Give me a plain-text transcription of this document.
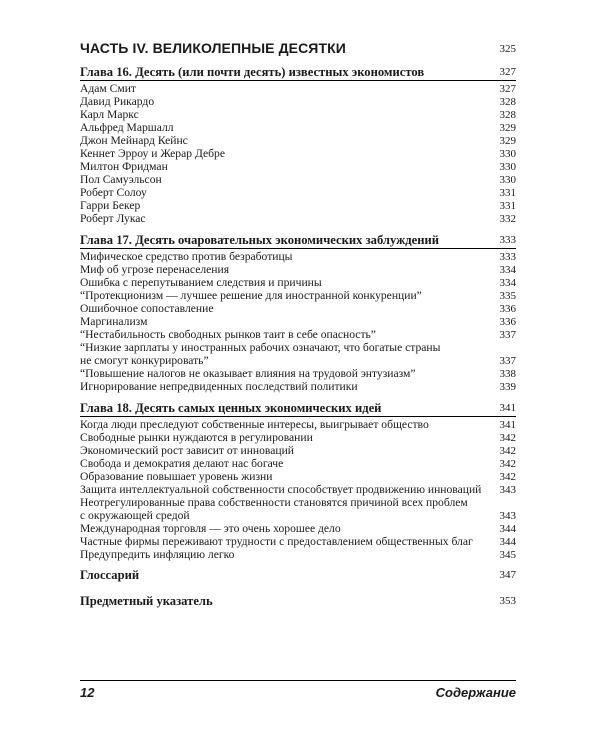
ЧАСТЬ IV. ВЕЛИКОЛЕПНЫЕ ДЕСЯТКИ	325
Глава 16. Десять (или почти десять) известных экономистов	327
Адам Смит	327
Давид Рикардо	328
Карл Маркс	328
Альфред Маршалл	329
Джон Мейнард Кейнс	329
Кеннет Эрроу и Жерар Дебре	330
Милтон Фридман	330
Пол Самуэльсон	330
Роберт Солоу	331
Гарри Бекер	331
Роберт Лукас	332
Глава 17. Десять очаровательных экономических заблуждений	333
Мифическое средство против безработицы	333
Миф об угрозе перенаселения	334
Ошибка с перепутыванием следствия и причины	334
“Протекционизм — лучшее решение для иностранной конкуренции”	335
Ошибочное сопоставление	336
Маргинализм	336
“Нестабильность свободных рынков таит в себе опасность”	337
“Низкие зарплаты у иностранных рабочих означают, что богатые страны
не смогут конкурировать”	337
“Повышение налогов не оказывает влияния на трудовой энтузиазм”	338
Игнорирование непредвиденных последствий политики	339
Глава 18. Десять самых ценных экономических идей	341
Когда люди преследуют собственные интересы, выигрывает общество	341
Свободные рынки нуждаются в регулировании	342
Экономический рост зависит от инноваций	342
Свобода и демократия делают нас богаче	342
Образование повышает уровень жизни	342
Защита интеллектуальной собственности способствует продвижению инноваций 343
Неотрегулированные права собственности становятся причиной всех проблем
с окружающей средой	343
Международная торговля — это очень хорошее дело	344
Частные фирмы переживают трудности с предоставлением общественных благ 344
Предупредить инфляцию легко	345
Глоссарий	347
Предметный указатель	353
12	Содержание
